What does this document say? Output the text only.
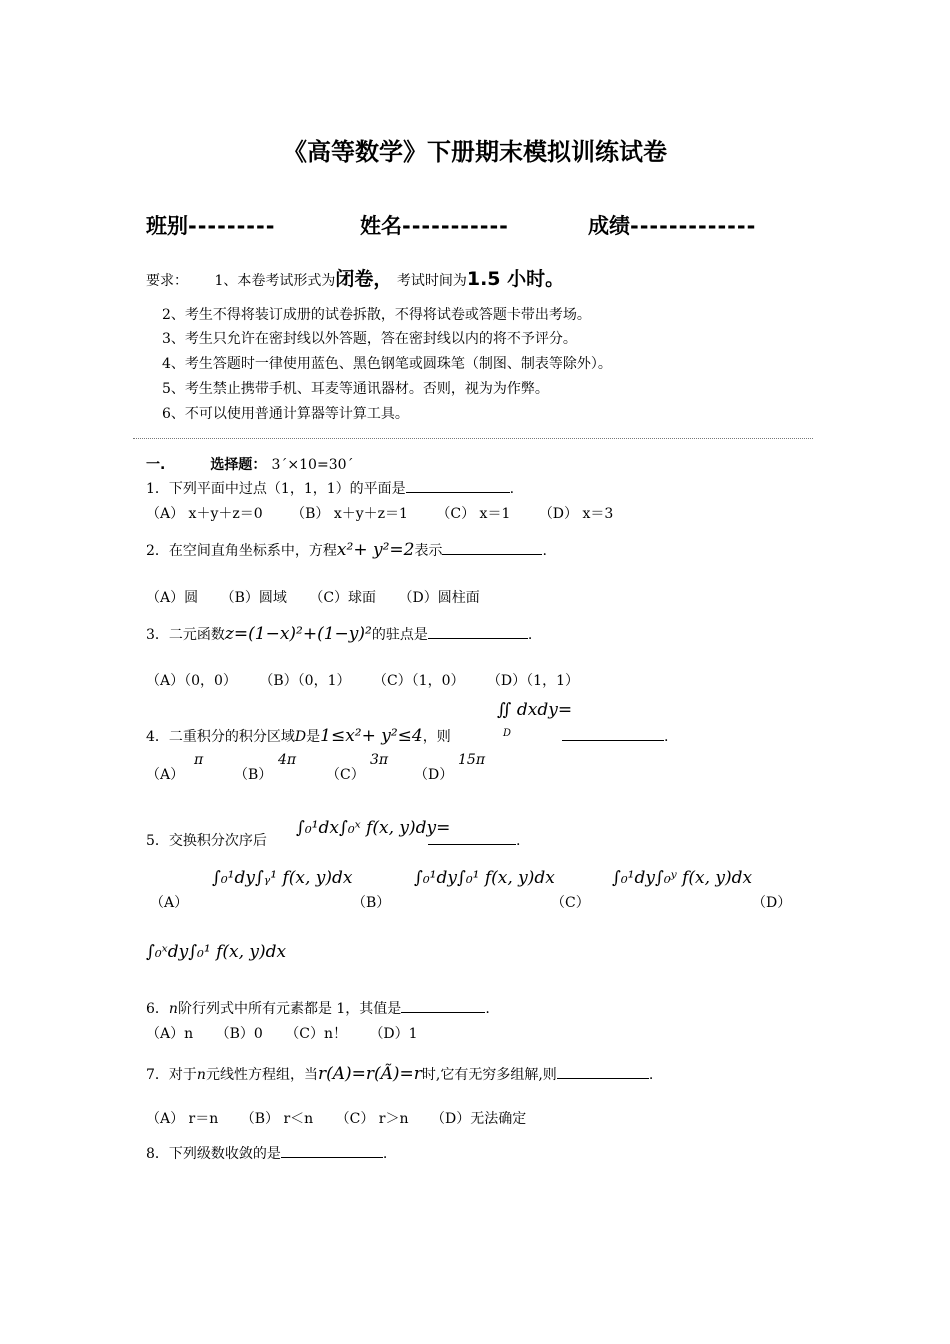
《高等数学》下册期末模拟训练试卷
班别---------	姓名-----------	成绩-------------
要求： 1、本卷考试形式为闭卷， 考试时间为1.5 小时。
2、考生不得将装订成册的试卷拆散，不得将试卷或答题卡带出考场。
3、考生只允许在密封线以外答题，答在密封线以内的将不予评分。
4、考生答题时一律使用蓝色、黑色钢笔或圆珠笔（制图、制表等除外）。
5、考生禁止携带手机、耳麦等通讯器材。否则，视为为作弊。
6、不可以使用普通计算器等计算工具。
一.	选择题： 3ˊ×10=30ˊ
1．下列平面中过点（1，1，1）的平面是	.
（A） x＋y＋z＝0 （B） x＋y＋z＝1 （C） x＝1 （D） x＝3
2．在空间直角坐标系中，方程x²+ y²=2表示	.
（A）圆 （B）圆域 （C）球面 （D）圆柱面
3．二元函数z=(1−x)²+(1−y)²的驻点是	.
（A）（0，0） （B）（0，1） （C）（1，0） （D）（1，1）
∬ dxdy=
D
4．二重积分的积分区域D是1≤x²+ y²≤4，则	.
（A）
π
（B）
4π
（C）
3π
（D）
15π
5．交换积分次序后
∫₀¹dx∫₀ˣ f(x, y)dy=
.
（A）
∫₀¹dy∫ᵧ¹ f(x, y)dx
（B）
∫₀¹dy∫₀¹ f(x, y)dx
（C）
∫₀¹dy∫₀ʸ f(x, y)dx
（D）
∫₀ˣdy∫₀¹ f(x, y)dx
6．n阶行列式中所有元素都是 1，其值是	.
（A）n （B）0 （C）n！ （D）1
7．对于n元线性方程组，当r(A)=r(Ã)=r时,它有无穷多组解,则	.
（A） r＝n （B） r＜n （C） r＞n （D）无法确定
8．下列级数收敛的是	.
